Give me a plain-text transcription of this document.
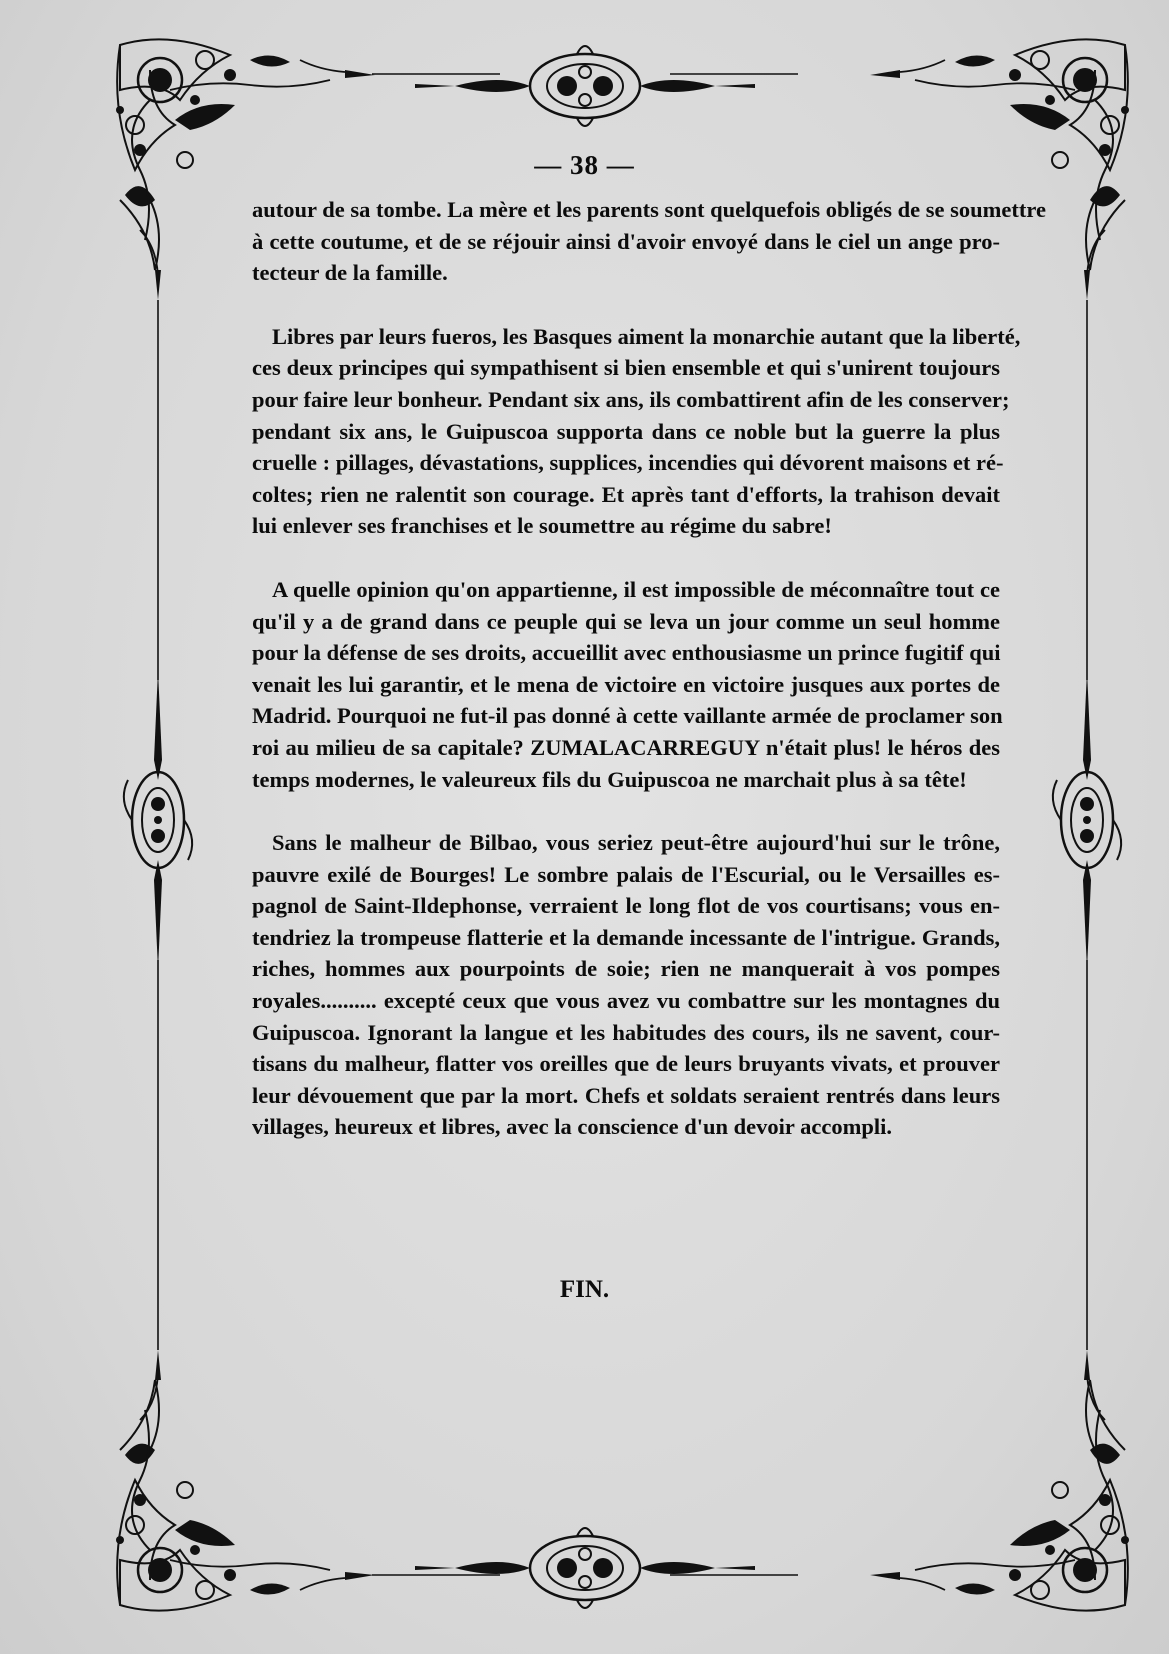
— 38 —

autour de sa tombe. La mère et les parents sont quelquefois obligés de se soumettre
à cette coutume, et de se réjouir ainsi d'avoir envoyé dans le ciel un ange pro-
tecteur de la famille.

Libres par leurs fueros, les Basques aiment la monarchie autant que la liberté,
ces deux principes qui sympathisent si bien ensemble et qui s'unirent toujours
pour faire leur bonheur. Pendant six ans, ils combattirent afin de les conserver;
pendant six ans, le Guipuscoa supporta dans ce noble but la guerre la plus
cruelle : pillages, dévastations, supplices, incendies qui dévorent maisons et ré-
coltes; rien ne ralentit son courage. Et après tant d'efforts, la trahison devait
lui enlever ses franchises et le soumettre au régime du sabre!

A quelle opinion qu'on appartienne, il est impossible de méconnaître tout ce
qu'il y a de grand dans ce peuple qui se leva un jour comme un seul homme
pour la défense de ses droits, accueillit avec enthousiasme un prince fugitif qui
venait les lui garantir, et le mena de victoire en victoire jusques aux portes de
Madrid. Pourquoi ne fut-il pas donné à cette vaillante armée de proclamer son
roi au milieu de sa capitale? ZUMALACARREGUY n'était plus! le héros des
temps modernes, le valeureux fils du Guipuscoa ne marchait plus à sa tête!

Sans le malheur de Bilbao, vous seriez peut-être aujourd'hui sur le trône,
pauvre exilé de Bourges! Le sombre palais de l'Escurial, ou le Versailles es-
pagnol de Saint-Ildephonse, verraient le long flot de vos courtisans; vous en-
tendriez la trompeuse flatterie et la demande incessante de l'intrigue. Grands,
riches, hommes aux pourpoints de soie; rien ne manquerait à vos pompes
royales.......... excepté ceux que vous avez vu combattre sur les montagnes du
Guipuscoa. Ignorant la langue et les habitudes des cours, ils ne savent, cour-
tisans du malheur, flatter vos oreilles que de leurs bruyants vivats, et prouver
leur dévouement que par la mort. Chefs et soldats seraient rentrés dans leurs
villages, heureux et libres, avec la conscience d'un devoir accompli.

FIN.
